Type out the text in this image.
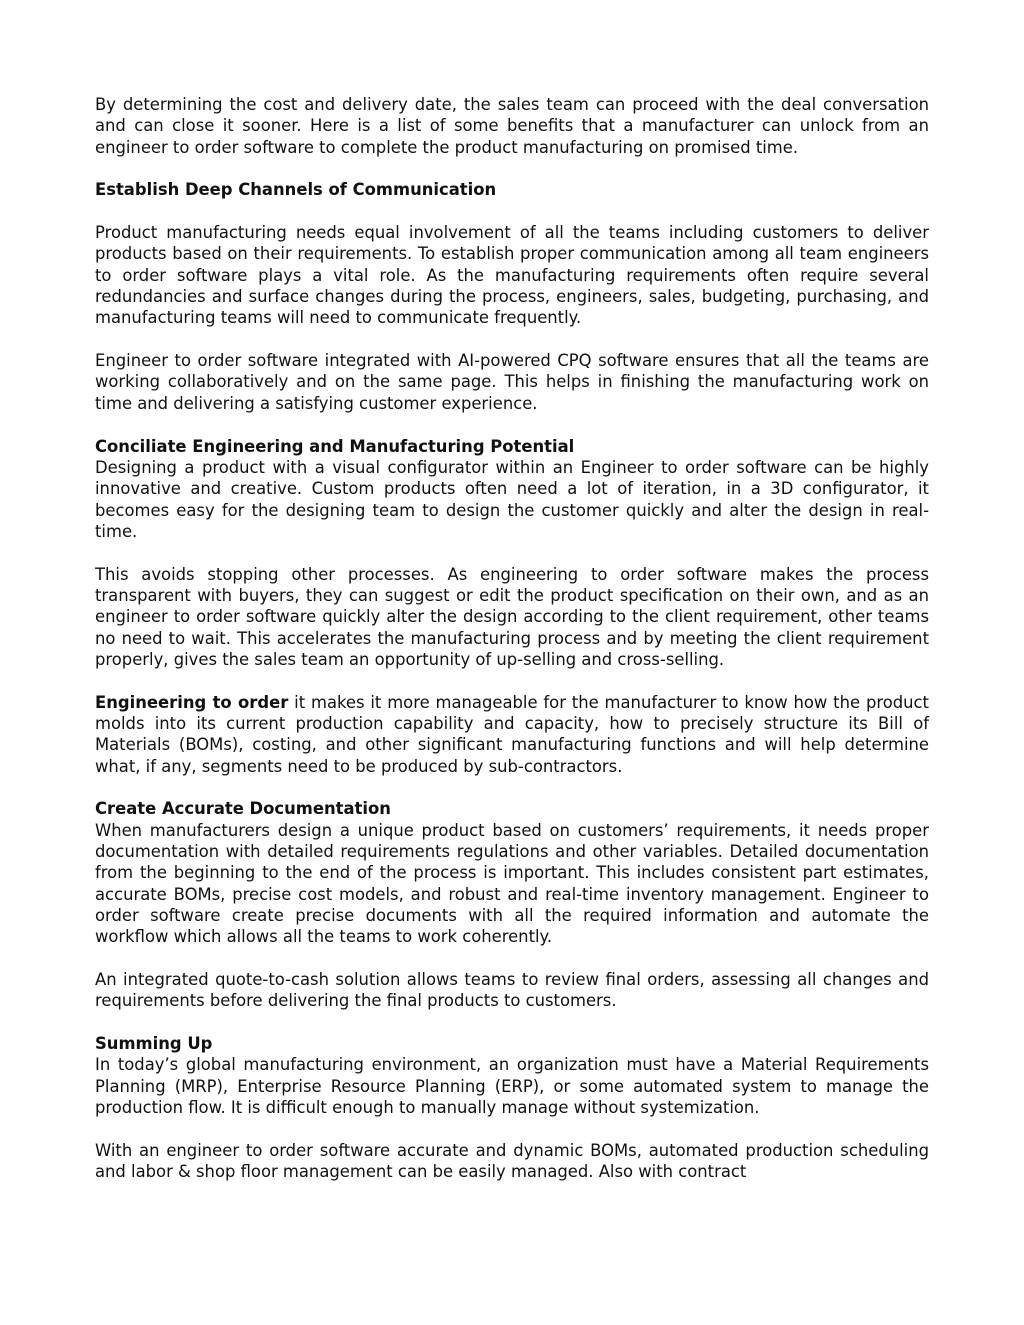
By determining the cost and delivery date, the sales team can proceed with the deal conversation and can close it sooner. Here is a list of some benefits that a manufacturer can unlock from an engineer to order software to complete the product manufacturing on promised time.

Establish Deep Channels of Communication

Product manufacturing needs equal involvement of all the teams including customers to deliver products based on their requirements. To establish proper communication among all team engineers to order software plays a vital role. As the manufacturing requirements often require several redundancies and surface changes during the process, engineers, sales, budgeting, purchasing, and manufacturing teams will need to communicate frequently.

Engineer to order software integrated with AI-powered CPQ software ensures that all the teams are working collaboratively and on the same page. This helps in finishing the manufacturing work on time and delivering a satisfying customer experience.

Conciliate Engineering and Manufacturing Potential

Designing a product with a visual configurator within an Engineer to order software can be highly innovative and creative. Custom products often need a lot of iteration, in a 3D configurator, it becomes easy for the designing team to design the customer quickly and alter the design in real-time.

This avoids stopping other processes. As engineering to order software makes the process transparent with buyers, they can suggest or edit the product specification on their own, and as an engineer to order software quickly alter the design according to the client requirement, other teams no need to wait. This accelerates the manufacturing process and by meeting the client requirement properly, gives the sales team an opportunity of up-selling and cross-selling.

Engineering to order it makes it more manageable for the manufacturer to know how the product molds into its current production capability and capacity, how to precisely structure its Bill of Materials (BOMs), costing, and other significant manufacturing functions and will help determine what, if any, segments need to be produced by sub-contractors.

Create Accurate Documentation

When manufacturers design a unique product based on customers’ requirements, it needs proper documentation with detailed requirements regulations and other variables. Detailed documentation from the beginning to the end of the process is important. This includes consistent part estimates, accurate BOMs, precise cost models, and robust and real-time inventory management. Engineer to order software create precise documents with all the required information and automate the workflow which allows all the teams to work coherently.

An integrated quote-to-cash solution allows teams to review final orders, assessing all changes and requirements before delivering the final products to customers.

Summing Up

In today’s global manufacturing environment, an organization must have a Material Requirements Planning (MRP), Enterprise Resource Planning (ERP), or some automated system to manage the production flow. It is difficult enough to manually manage without systemization.

With an engineer to order software accurate and dynamic BOMs, automated production scheduling and labor & shop floor management can be easily managed. Also with contract
